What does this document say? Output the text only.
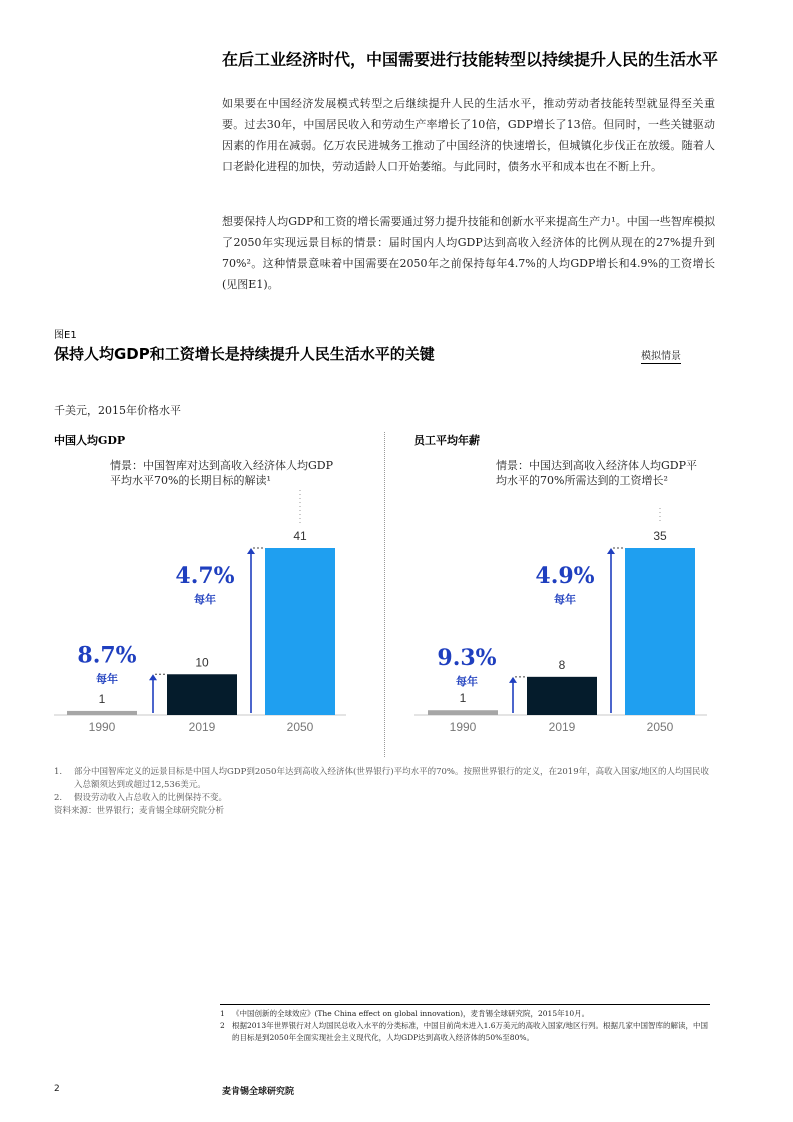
在后工业经济时代，中国需要进行技能转型以持续提升人民的生活水平
如果要在中国经济发展模式转型之后继续提升人民的生活水平，推动劳动者技能转型就显得至关重要。过去30年，中国居民收入和劳动生产率增长了10倍，GDP增长了13倍。但同时，一些关键驱动因素的作用在减弱。亿万农民进城务工推动了中国经济的快速增长，但城镇化步伐正在放缓。随着人口老龄化进程的加快，劳动适龄人口开始萎缩。与此同时，债务水平和成本也在不断上升。
想要保持人均GDP和工资的增长需要通过努力提升技能和创新水平来提高生产力¹。中国一些智库模拟了2050年实现远景目标的情景：届时国内人均GDP达到高收入经济体的比例从现在的27%提升到70%²。这种情景意味着中国需要在2050年之前保持每年4.7%的人均GDP增长和4.9%的工资增长(见图E1)。
图E1
保持人均GDP和工资增长是持续提升人民生活水平的关键	模拟情景
千美元，2015年价格水平
中国人均GDP	员工平均年薪
情景：中国智库对达到高收入经济体人均GDP平均水平70%的长期目标的解读¹
情景：中国达到高收入经济体人均GDP平均水平的70%所需达到的工资增长²
1
1990
10
2019
41
2050
8.7%
每年
4.7%
每年
1
1990
8
2019
35
2050
9.3%
每年
4.9%
每年
1.	部分中国智库定义的远景目标是中国人均GDP到2050年达到高收入经济体(世界银行)平均水平的70%。按照世界银行的定义，在2019年，高收入国家/地区的人均国民收入总额须达到或超过12,536美元。
2.	假设劳动收入占总收入的比例保持不变。
资料来源：世界银行；麦肯锡全球研究院分析
1 《中国创新的全球效应》(The China effect on global innovation)，麦肯锡全球研究院，2015年10月。
2 根据2013年世界银行对人均国民总收入水平的分类标准，中国目前尚未进入1.6万美元的高收入国家/地区行列。根据几家中国智库的解读，中国的目标是到2050年全面实现社会主义现代化，人均GDP达到高收入经济体的50%至80%。
2	麦肯锡全球研究院
